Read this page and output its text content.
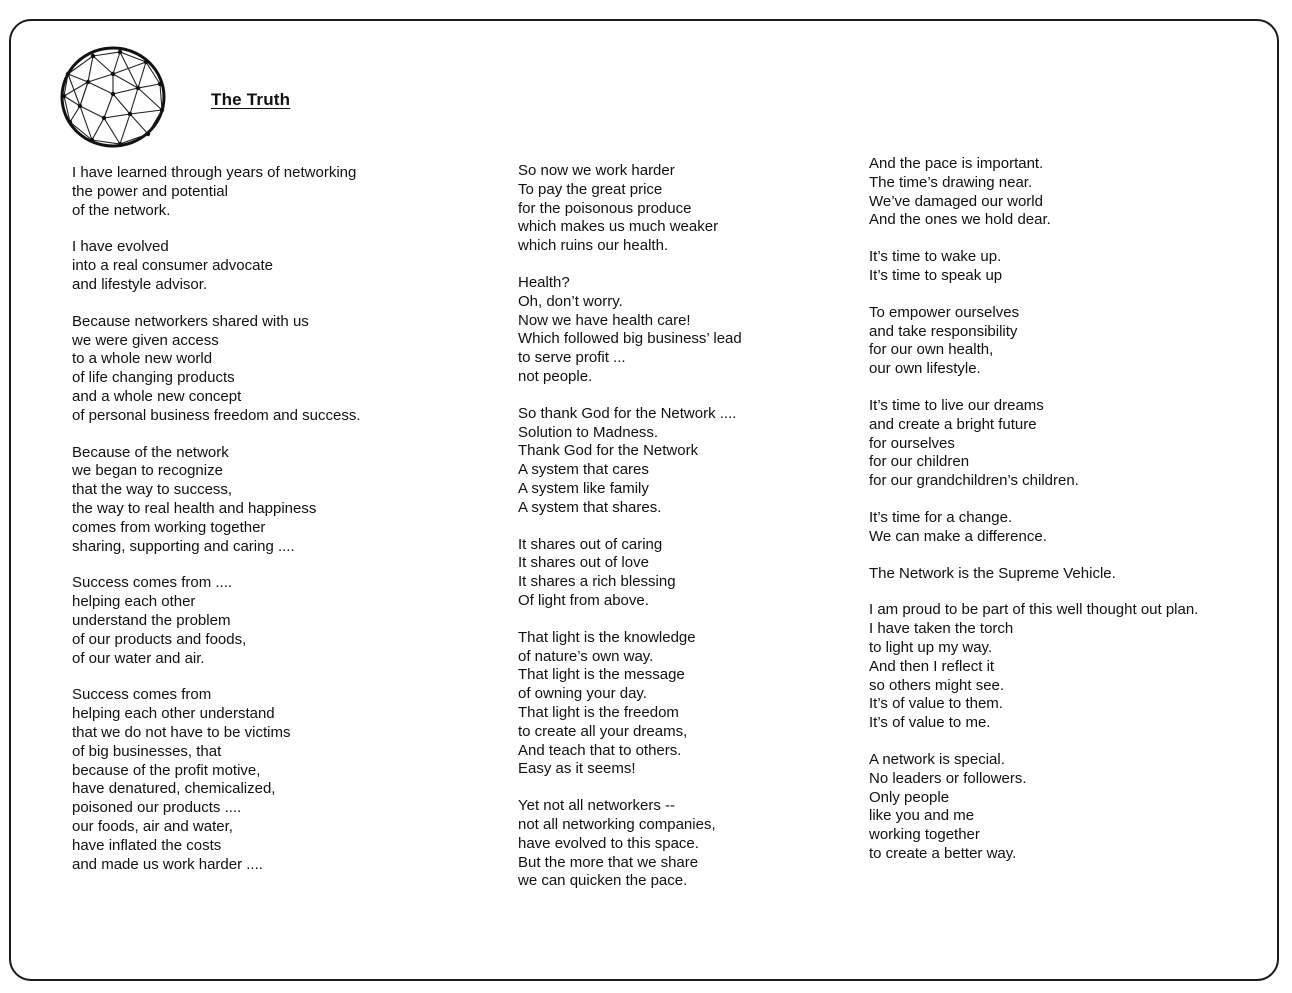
The Truth
I have learned through years of networking
the power and potential
of the network.
I have evolved
into a real consumer advocate
and lifestyle advisor.
Because networkers shared with us
we were given access
to a whole new world
of life changing products
and a whole new concept
of personal business freedom and success.
Because of the network
we began to recognize
that the way to success,
the way to real health and happiness
comes from working together
sharing, supporting and caring ....
Success comes from ....
helping each other
understand the problem
of our products and foods,
of our water and air.
Success comes from
helping each other understand
that we do not have to be victims
of big businesses, that
because of the profit motive,
have denatured, chemicalized,
poisoned our products ....
our foods, air and water,
have inflated the costs
and made us work harder ....
So now we work harder
To pay the great price
for the poisonous produce
which makes us much weaker
which ruins our health.
Health?
Oh, don’t worry.
Now we have health care!
Which followed big business’ lead
to serve profit ...
not people.
So thank God for the Network ....
Solution to Madness.
Thank God for the Network
A system that cares
A system like family
A system that shares.
It shares out of caring
It shares out of love
It shares a rich blessing
Of light from above.
That light is the knowledge
of nature’s own way.
That light is the message
of owning your day.
That light is the freedom
to create all your dreams,
And teach that to others.
Easy as it seems!
Yet not all networkers --
not all networking companies,
have evolved to this space.
But the more that we share
we can quicken the pace.
And the pace is important.
The time’s drawing near.
We’ve damaged our world
And the ones we hold dear.
It’s time to wake up.
It’s time to speak up
To empower ourselves
and take responsibility
for our own health,
our own lifestyle.
It’s time to live our dreams
and create a bright future
for ourselves
for our children
for our grandchildren’s children.
It’s time for a change.
We can make a difference.
The Network is the Supreme Vehicle.
I am proud to be part of this well thought out plan.
I have taken the torch
to light up my way.
And then I reflect it
so others might see.
It’s of value to them.
It’s of value to me.
A network is special.
No leaders or followers.
Only people
like you and me
working together
to create a better way.
